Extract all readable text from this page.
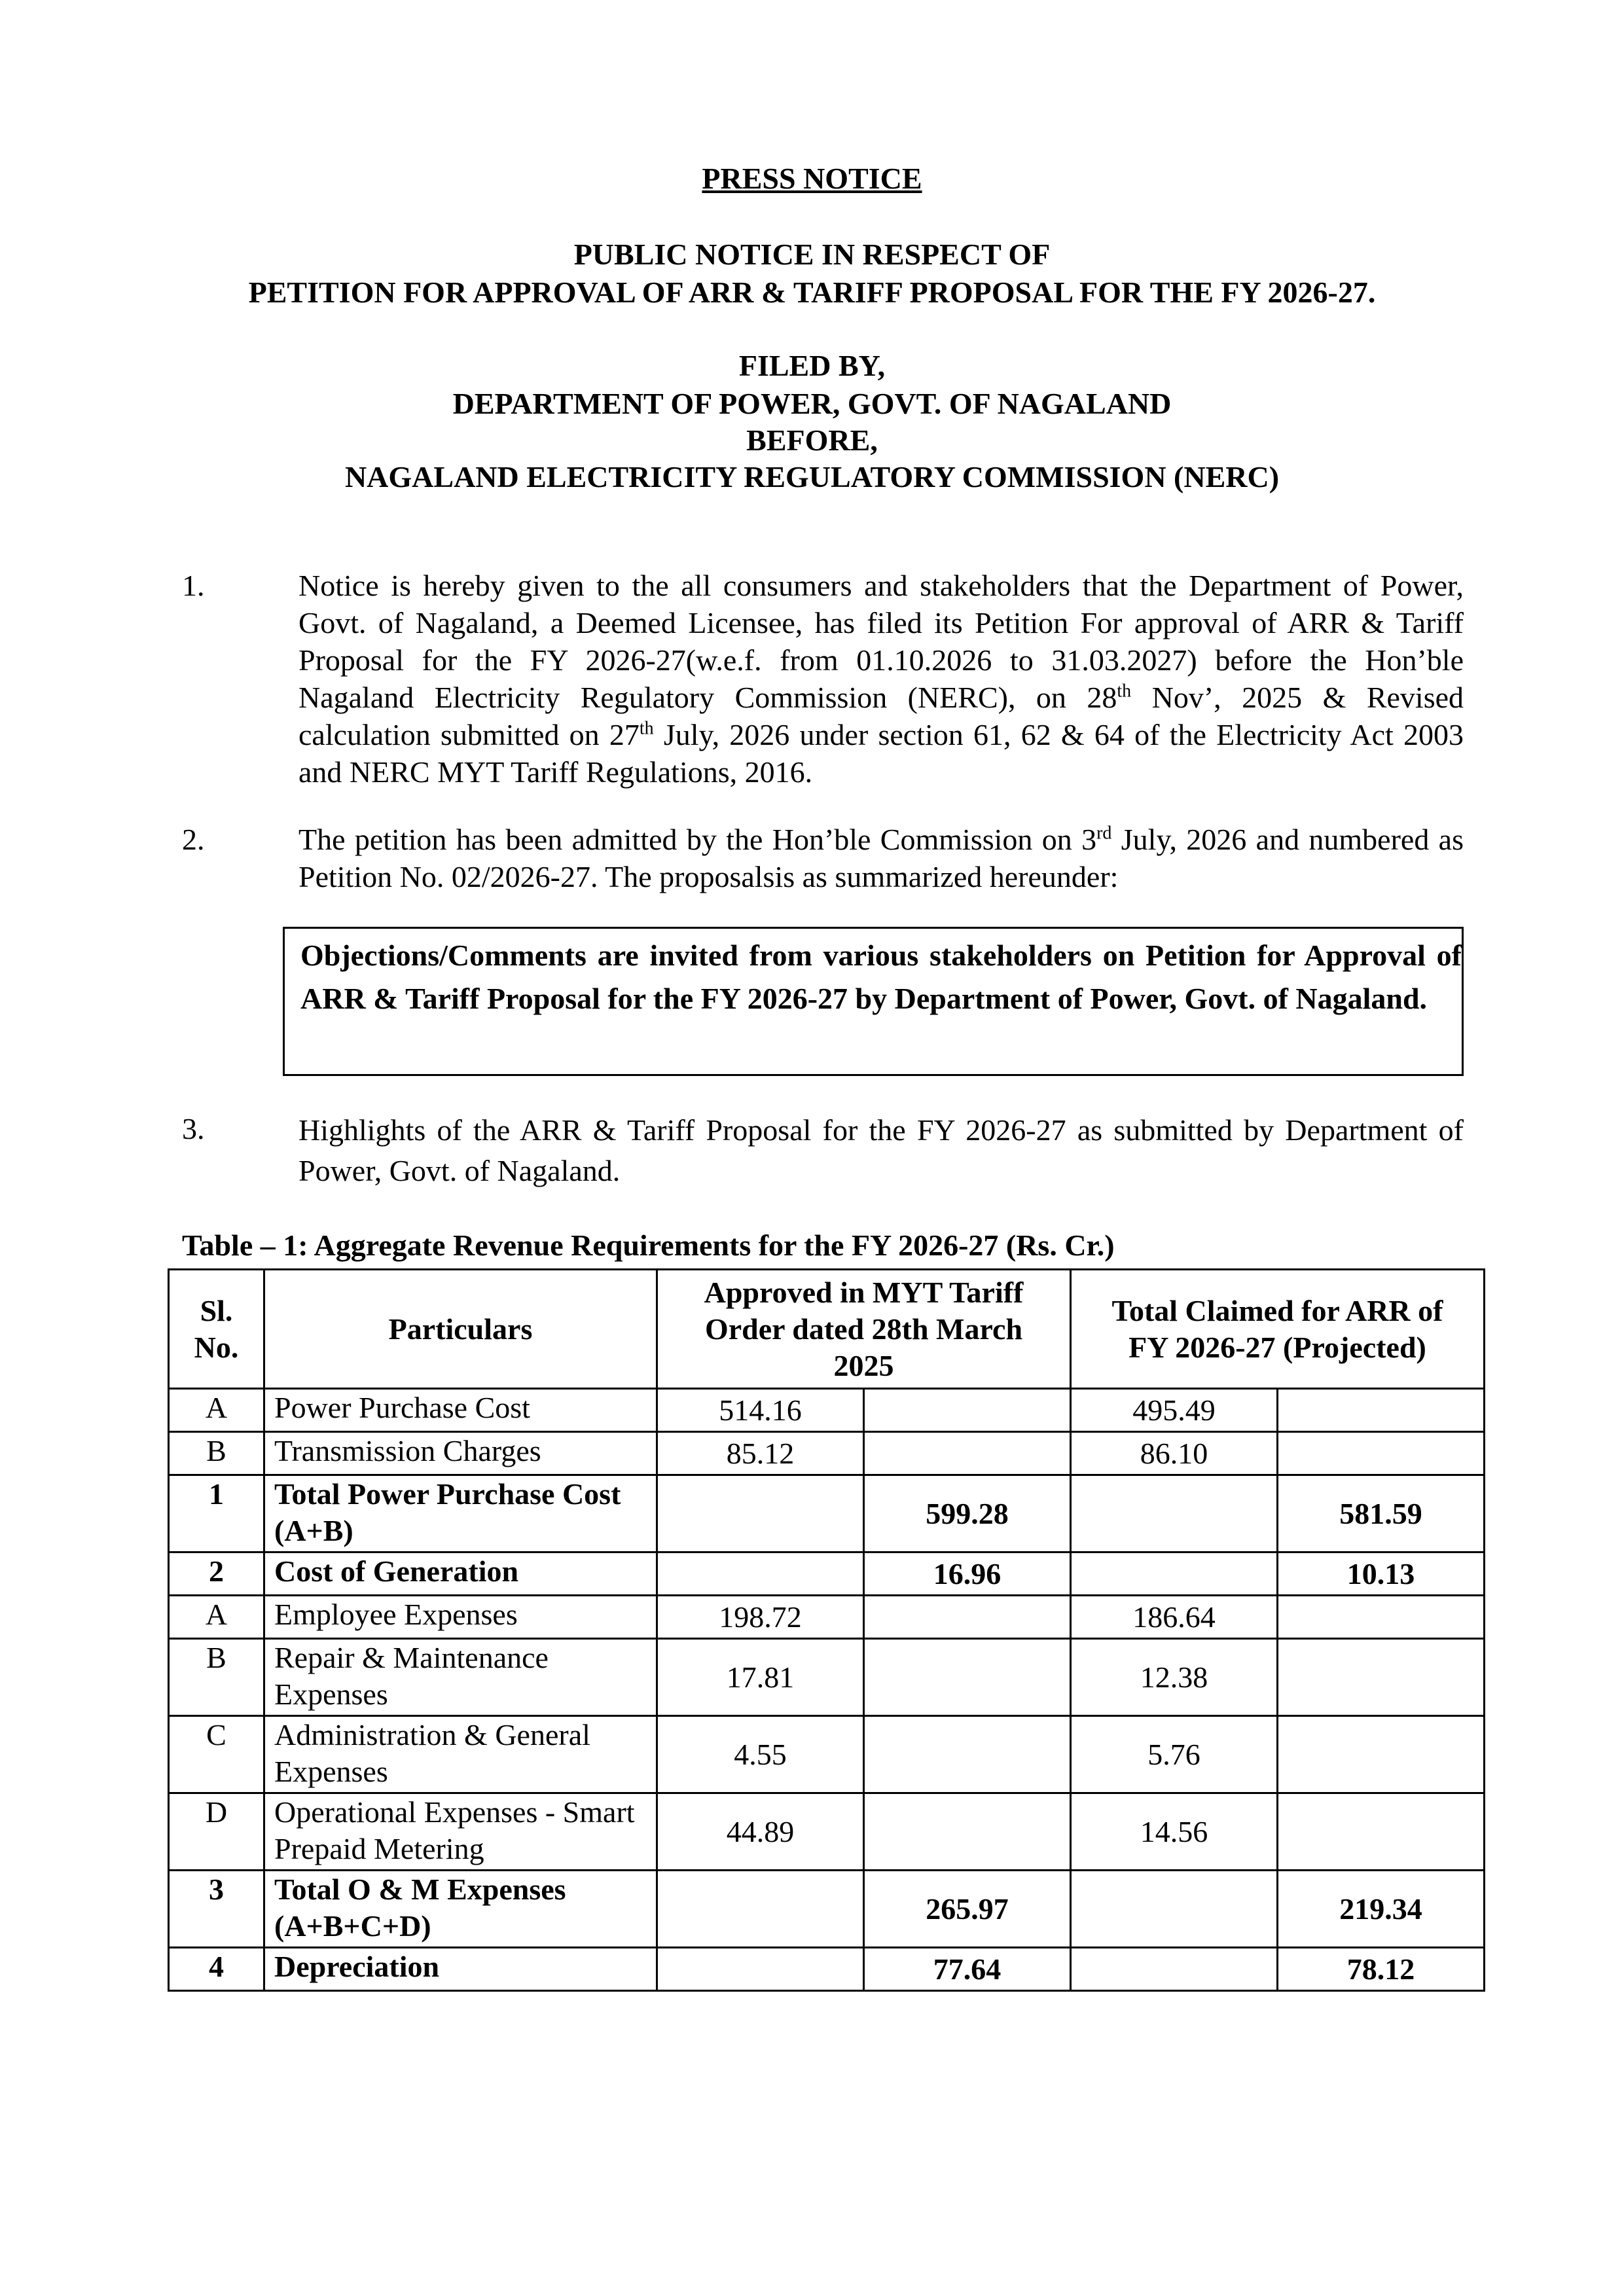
PRESS NOTICE
PUBLIC NOTICE IN RESPECT OF
PETITION FOR APPROVAL OF ARR & TARIFF PROPOSAL FOR THE FY 2026-27.
FILED BY,
DEPARTMENT OF POWER, GOVT. OF NAGALAND
BEFORE,
NAGALAND ELECTRICITY REGULATORY COMMISSION (NERC)
1.	Notice is hereby given to the all consumers and stakeholders that the Department of Power, Govt. of Nagaland, a Deemed Licensee, has filed its Petition For approval of ARR & Tariff Proposal for the FY 2026-27(w.e.f. from 01.10.2026 to 31.03.2027) before the Hon’ble Nagaland Electricity Regulatory Commission (NERC), on 28th Nov’, 2025 & Revised calculation submitted on 27th July, 2026 under section 61, 62 & 64 of the Electricity Act 2003 and NERC MYT Tariff Regulations, 2016.
2.	The petition has been admitted by the Hon’ble Commission on 3rd July, 2026 and numbered as Petition No. 02/2026-27. The proposalsis as summarized hereunder:
Objections/Comments are invited from various stakeholders on Petition for Approval of ARR & Tariff Proposal for the FY 2026-27 by Department of Power, Govt. of Nagaland.
3.	Highlights of the ARR & Tariff Proposal for the FY 2026-27 as submitted by Department of Power, Govt. of Nagaland.
Table – 1: Aggregate Revenue Requirements for the FY 2026-27 (Rs. Cr.)
Sl. No.	Particulars	Approved in MYT Tariff Order dated 28th March 2025		Total Claimed for ARR of FY 2026-27 (Projected)	
A	Power Purchase Cost	514.16		495.49	
B	Transmission Charges	85.12		86.10	
1	Total Power Purchase Cost (A+B)		599.28		581.59
2	Cost of Generation		16.96		10.13
A	Employee Expenses	198.72		186.64	
B	Repair & Maintenance Expenses	17.81		12.38	
C	Administration & General Expenses	4.55		5.76	
D	Operational Expenses - Smart Prepaid Metering	44.89		14.56	
3	Total O & M Expenses (A+B+C+D)		265.97		219.34
4	Depreciation		77.64		78.12
